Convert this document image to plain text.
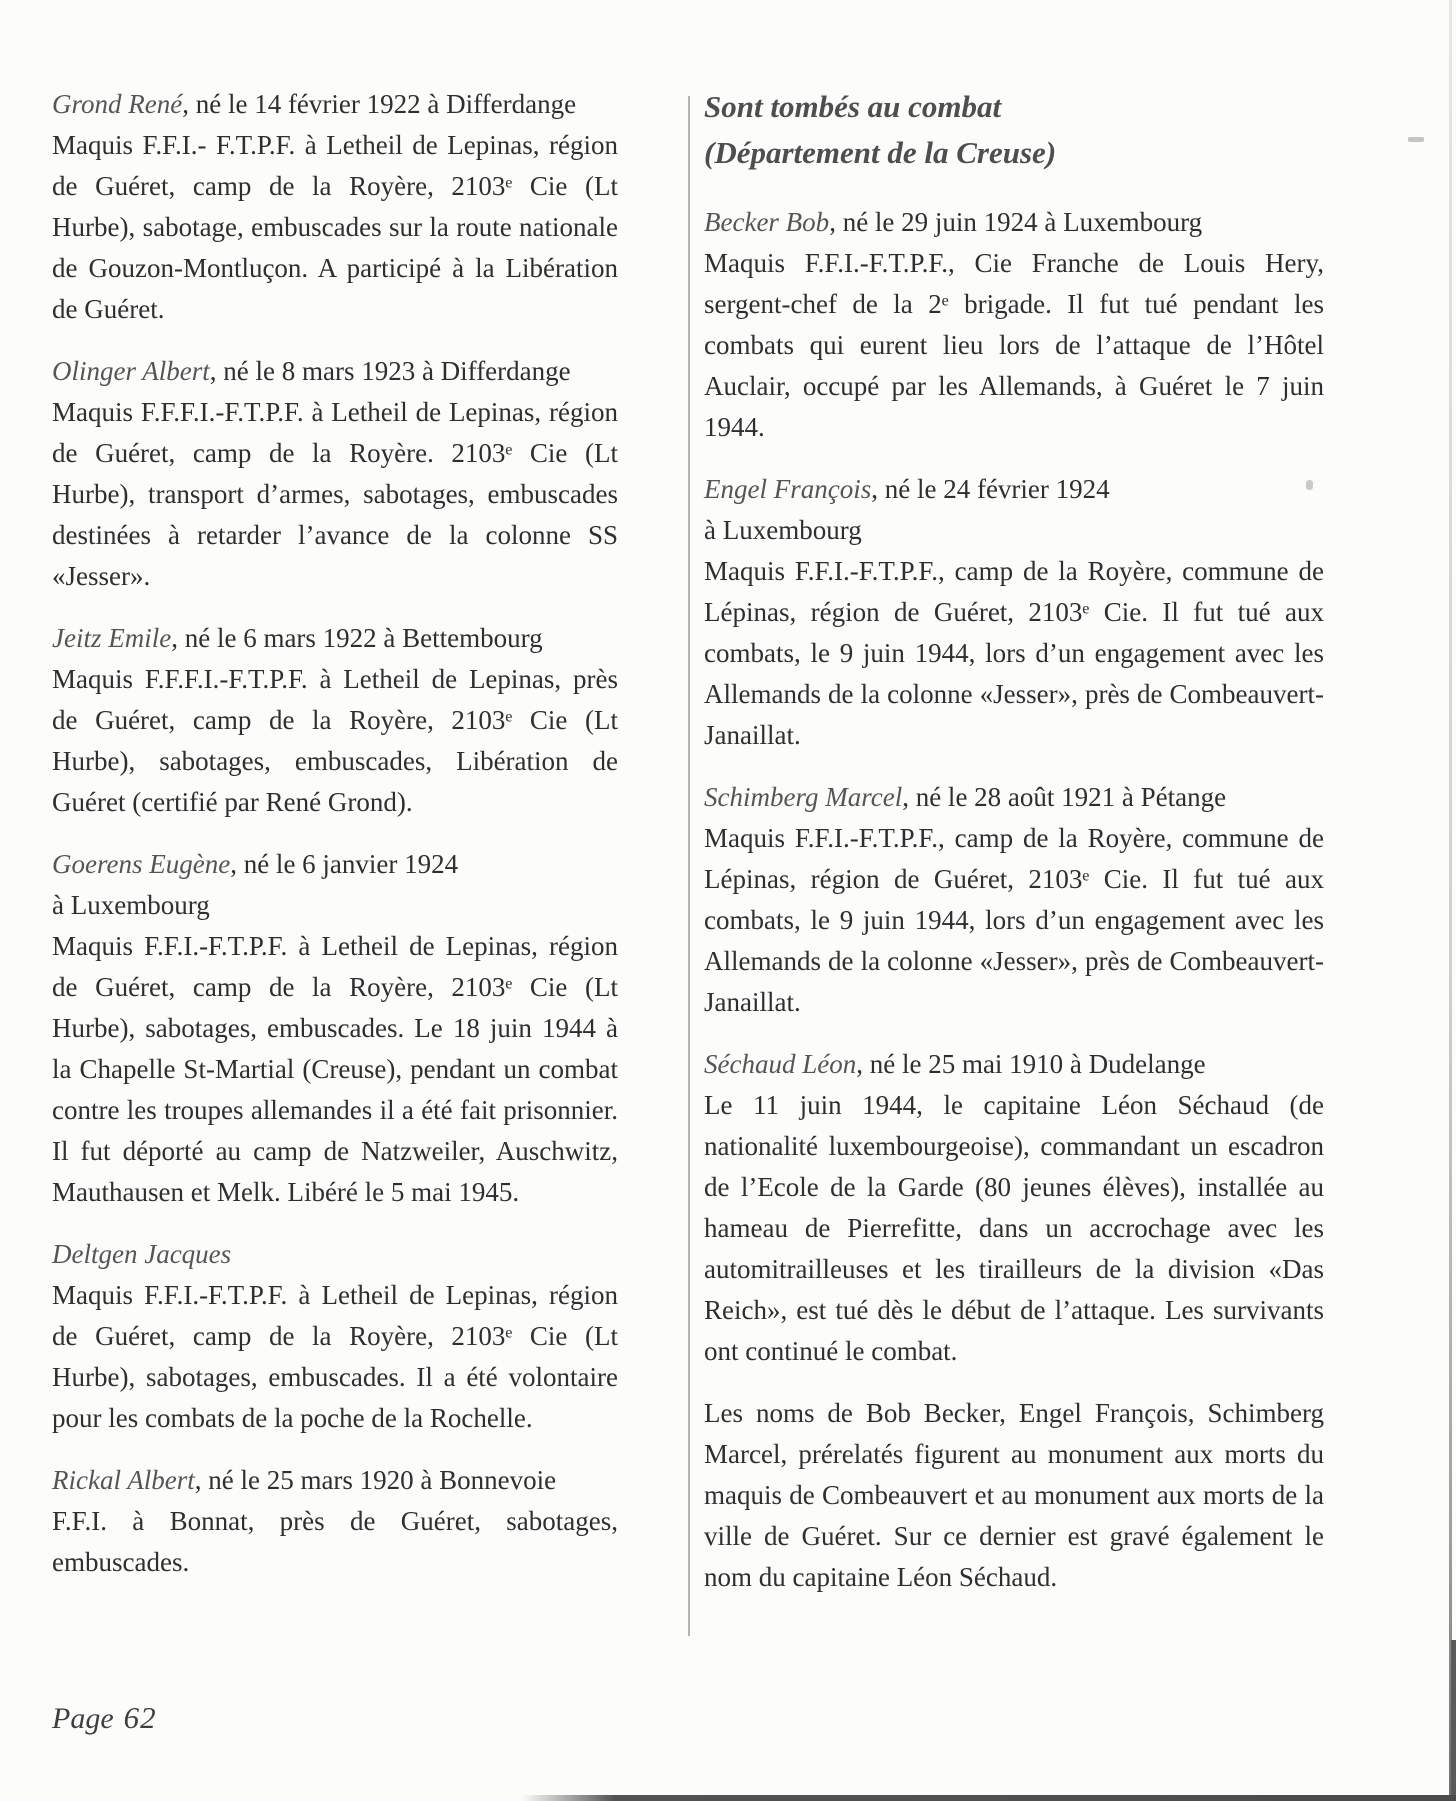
Grond René, né le 14 février 1922 à Differdange

Maquis F.F.I.- F.T.P.F. à Letheil de Lepinas, région de Guéret, camp de la Royère, 2103ᵉ Cie (Lt Hurbe), sabotage, embuscades sur la route nationale de Gouzon-Montluçon. A participé à la Libération de Guéret.

Olinger Albert, né le 8 mars 1923 à Differdange

Maquis F.F.F.I.-F.T.P.F. à Letheil de Lepinas, région de Guéret, camp de la Royère. 2103ᵉ Cie (Lt Hurbe), transport d’armes, sabotages, embuscades destinées à retarder l’avance de la colonne SS «Jesser».

Jeitz Emile, né le 6 mars 1922 à Bettembourg

Maquis F.F.F.I.-F.T.P.F. à Letheil de Lepinas, près de Guéret, camp de la Royère, 2103ᵉ Cie (Lt Hurbe), sabotages, embuscades, Libération de Guéret (certifié par René Grond).

Goerens Eugène, né le 6 janvier 1924
à Luxembourg

Maquis F.F.I.-F.T.P.F. à Letheil de Lepinas, région de Guéret, camp de la Royère, 2103ᵉ Cie (Lt Hurbe), sabotages, embuscades. Le 18 juin 1944 à la Chapelle St-Martial (Creuse), pendant un combat contre les troupes allemandes il a été fait prisonnier. Il fut déporté au camp de Natzweiler, Auschwitz, Mauthausen et Melk. Libéré le 5 mai 1945.

Deltgen Jacques

Maquis F.F.I.-F.T.P.F. à Letheil de Lepinas, région de Guéret, camp de la Royère, 2103ᵉ Cie (Lt Hurbe), sabotages, embuscades. Il a été volontaire pour les combats de la poche de la Rochelle.

Rickal Albert, né le 25 mars 1920 à Bonnevoie

F.F.I. à Bonnat, près de Guéret, sabotages, embuscades.

Sont tombés au combat
(Département de la Creuse)
Becker Bob, né le 29 juin 1924 à Luxembourg

Maquis F.F.I.-F.T.P.F., Cie Franche de Louis Hery, sergent-chef de la 2ᵉ brigade. Il fut tué pendant les combats qui eurent lieu lors de l’attaque de l’Hôtel Auclair, occupé par les Allemands, à Guéret le 7 juin 1944.

Engel François, né le 24 février 1924
à Luxembourg

Maquis F.F.I.-F.T.P.F., camp de la Royère, commune de Lépinas, région de Guéret, 2103ᵉ Cie. Il fut tué aux combats, le 9 juin 1944, lors d’un engagement avec les Allemands de la colonne «Jesser», près de Combeauvert-Janaillat.

Schimberg Marcel, né le 28 août 1921 à Pétange

Maquis F.F.I.-F.T.P.F., camp de la Royère, commune de Lépinas, région de Guéret, 2103ᵉ Cie. Il fut tué aux combats, le 9 juin 1944, lors d’un engagement avec les Allemands de la colonne «Jesser», près de Combeauvert-Janaillat.

Séchaud Léon, né le 25 mai 1910 à Dudelange

Le 11 juin 1944, le capitaine Léon Séchaud (de nationalité luxembourgeoise), commandant un escadron de l’Ecole de la Garde (80 jeunes élèves), installée au hameau de Pierrefitte, dans un accrochage avec les automitrailleuses et les tirailleurs de la division «Das Reich», est tué dès le début de l’attaque. Les survivants ont continué le combat.

Les noms de Bob Becker, Engel François, Schimberg Marcel, prérelatés figurent au monument aux morts du maquis de Combeauvert et au monument aux morts de la ville de Guéret. Sur ce dernier est gravé également le nom du capitaine Léon Séchaud.

Page 62
